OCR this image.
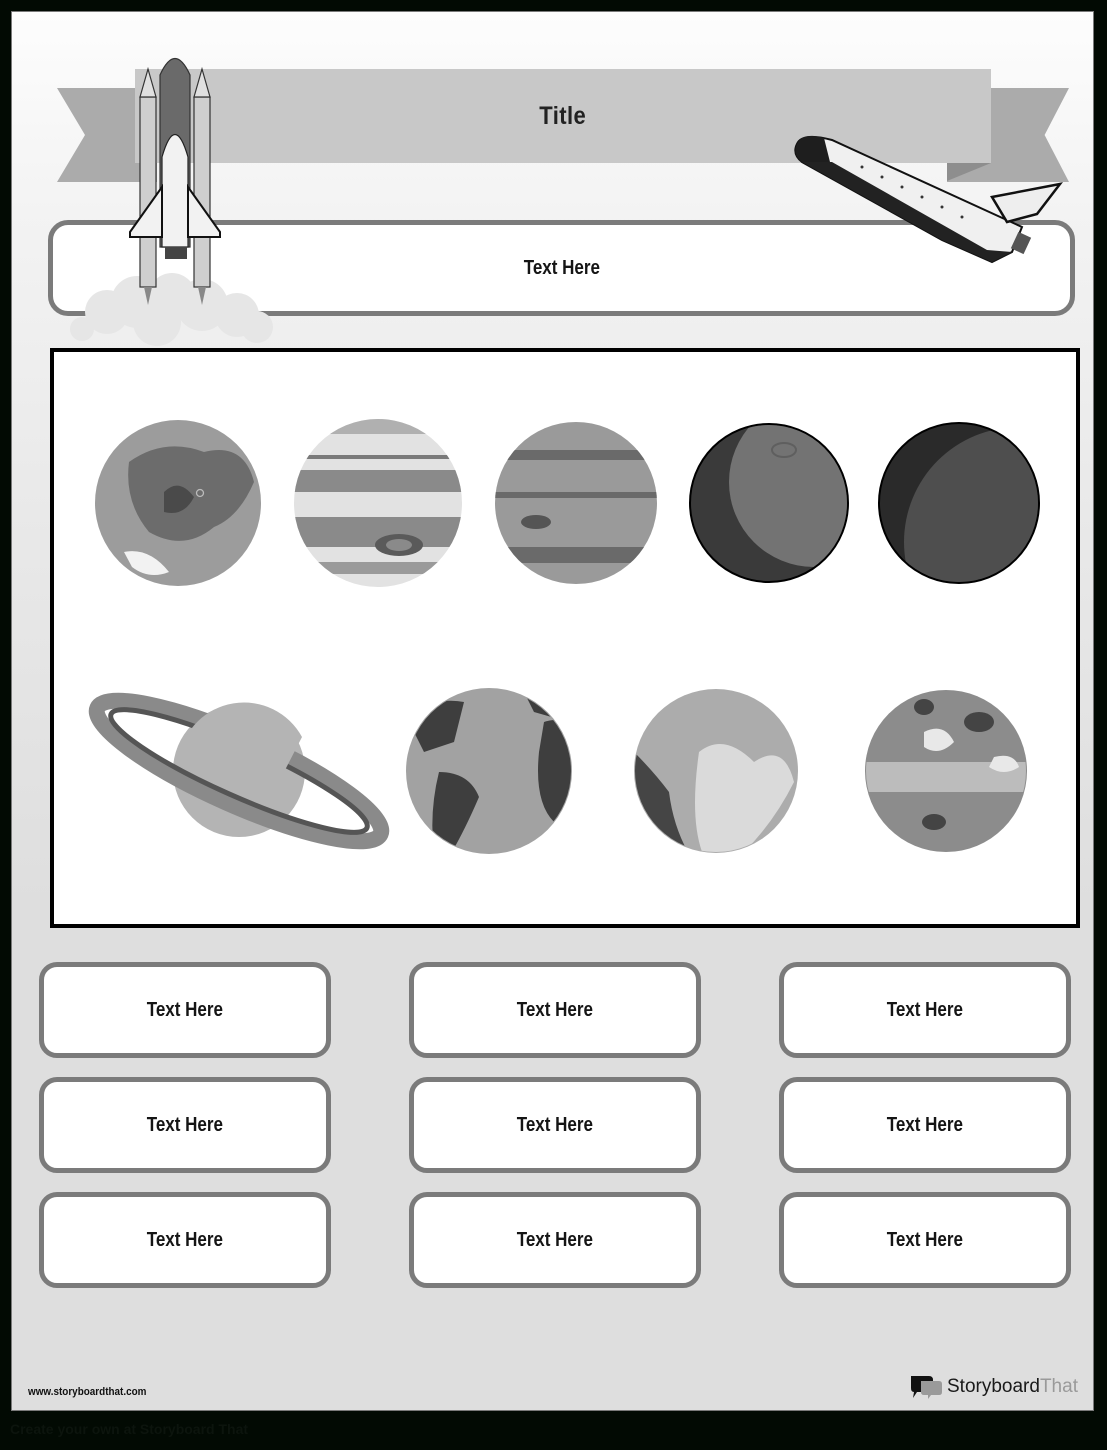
Title
Text Here
Text Here	Text Here	Text Here
Text Here	Text Here	Text Here
Text Here	Text Here	Text Here
www.storyboardthat.com	StoryboardThat
Create your own at Storyboard That
